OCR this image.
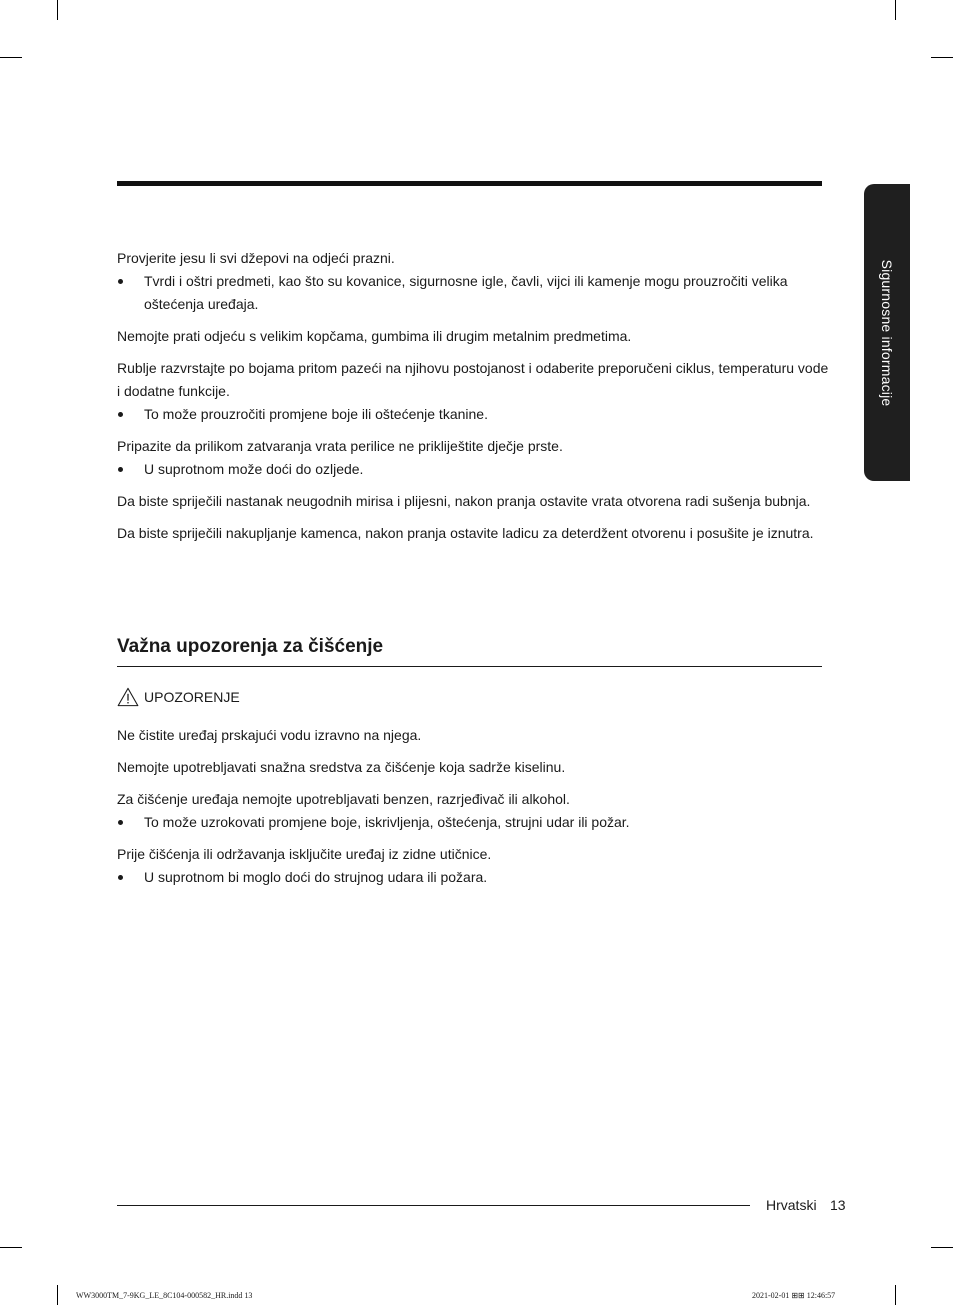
Sigurnosne informacije

Provjerite jesu li svi džepovi na odjeći prazni.

Tvrdi i oštri predmeti, kao što su kovanice, sigurnosne igle, čavli, vijci ili kamenje mogu prouzročiti velika oštećenja uređaja.

Nemojte prati odjeću s velikim kopčama, gumbima ili drugim metalnim predmetima.

Rublje razvrstajte po bojama pritom pazeći na njihovu postojanost i odaberite preporučeni ciklus, temperaturu vode i dodatne funkcije.

To može prouzročiti promjene boje ili oštećenje tkanine.

Pripazite da prilikom zatvaranja vrata perilice ne priklije​štite dječje prste.

U suprotnom može doći do ozljede.

Da biste spriječili nastanak neugodnih mirisa i plijesni, nakon pranja ostavite vrata otvorena radi sušenja bubnja.

Da biste spriječili nakupljanje kamenca, nakon pranja ostavite ladicu za deterdžent otvorenu i posušite je iznutra.

Važna upozorenja za čišćenje
UPOZORENJE

Ne čistite uređaj prskajući vodu izravno na njega.

Nemojte upotrebljavati snažna sredstva za čišćenje koja sadrže kiselinu.

Za čišćenje uređaja nemojte upotrebljavati benzen, razrjeđivač ili alkohol.

To može uzrokovati promjene boje, iskrivljenja, oštećenja, strujni udar ili požar.

Prije čišćenja ili održavanja isključite uređaj iz zidne utičnice.

U suprotnom bi moglo doći do strujnog udara ili požara.
Hrvatski 13
WW3000TM_7-9KG_LE_8C104-000582_HR.indd 13	2021-02-01 ⊞⊞ 12:46:57
